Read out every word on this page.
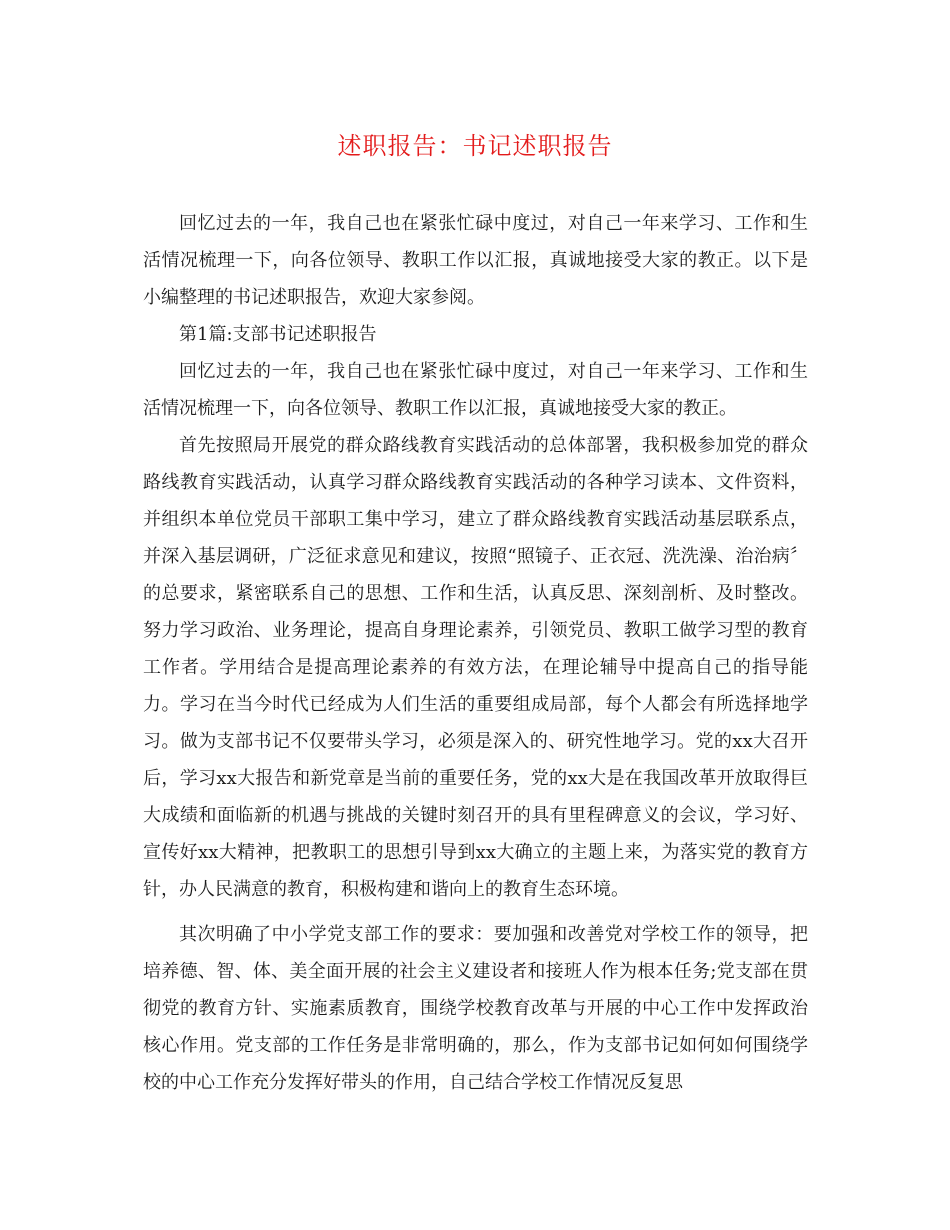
述职报告：书记述职报告

回忆过去的一年，我自己也在紧张忙碌中度过，对自己一年来学习、工作和生活情况梳理一下，向各位领导、教职工作以汇报，真诚地接受大家的教正。以下是小编整理的书记述职报告，欢迎大家参阅。

第1篇:支部书记述职报告

回忆过去的一年，我自己也在紧张忙碌中度过，对自己一年来学习、工作和生活情况梳理一下，向各位领导、教职工作以汇报，真诚地接受大家的教正。

首先按照局开展党的群众路线教育实践活动的总体部署，我积极参加党的群众路线教育实践活动，认真学习群众路线教育实践活动的各种学习读本、文件资料，并组织本单位党员干部职工集中学习，建立了群众路线教育实践活动基层联系点，并深入基层调研，广泛征求意见和建议，按照“照镜子、正衣冠、洗洗澡、治治病〞的总要求，紧密联系自己的思想、工作和生活，认真反思、深刻剖析、及时整改。努力学习政治、业务理论，提高自身理论素养，引领党员、教职工做学习型的教育工作者。学用结合是提高理论素养的有效方法，在理论辅导中提高自己的指导能力。学习在当今时代已经成为人们生活的重要组成局部，每个人都会有所选择地学习。做为支部书记不仅要带头学习，必须是深入的、研究性地学习。党的xx大召开后，学习xx大报告和新党章是当前的重要任务，党的xx大是在我国改革开放取得巨大成绩和面临新的机遇与挑战的关键时刻召开的具有里程碑意义的会议，学习好、宣传好xx大精神，把教职工的思想引导到xx大确立的主题上来，为落实党的教育方针，办人民满意的教育，积极构建和谐向上的教育生态环境。

其次明确了中小学党支部工作的要求：要加强和改善党对学校工作的领导，把培养德、智、体、美全面开展的社会主义建设者和接班人作为根本任务;党支部在贯彻党的教育方针、实施素质教育，围绕学校教育改革与开展的中心工作中发挥政治核心作用。党支部的工作任务是非常明确的，那么，作为支部书记如何如何围绕学校的中心工作充分发挥好带头的作用，自己结合学校工作情况反复思
